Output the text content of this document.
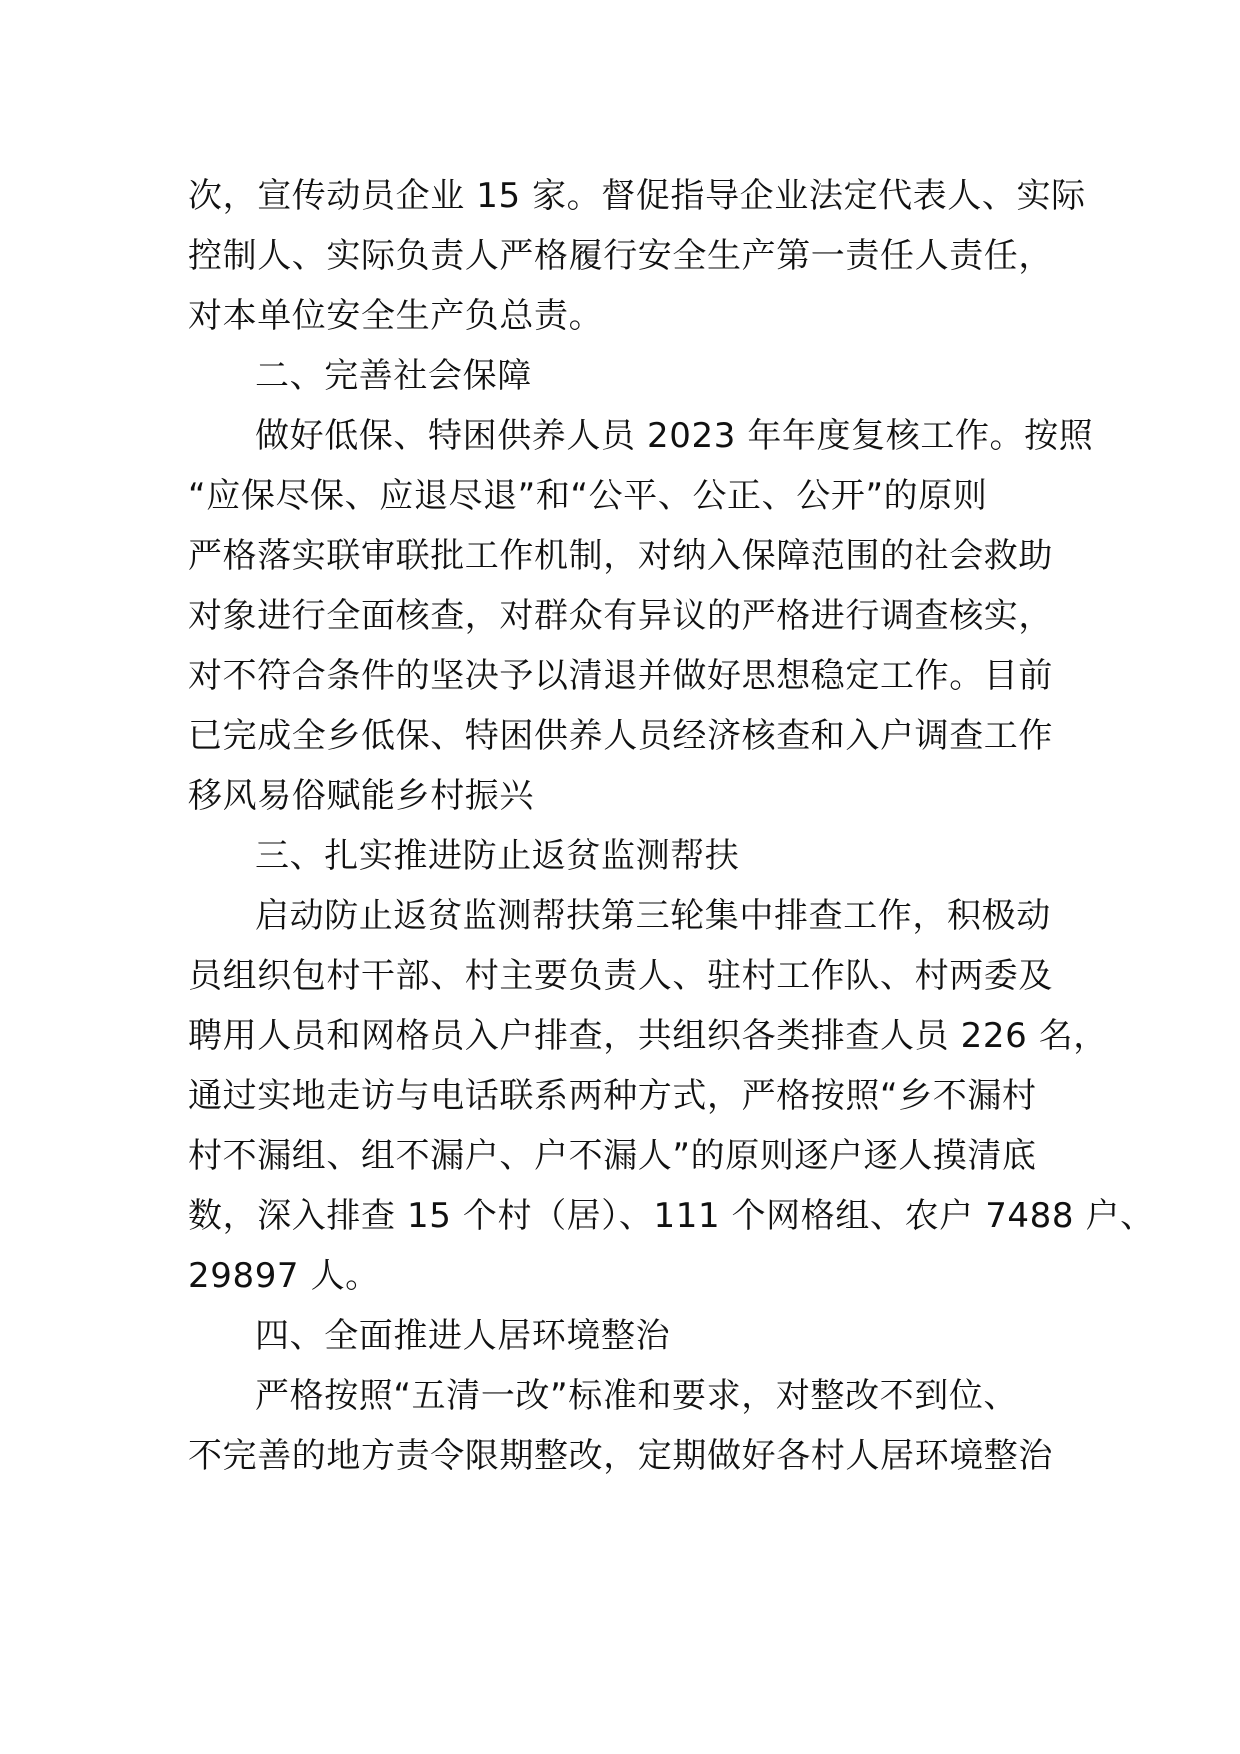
次，宣传动员企业 15 家。督促指导企业法定代表人、实际
控制人、实际负责人严格履行安全生产第一责任人责任，
对本单位安全生产负总责。
二、完善社会保障
做好低保、特困供养人员 2023 年年度复核工作。按照
“应保尽保、应退尽退”和“公平、公正、公开”的原则
严格落实联审联批工作机制，对纳入保障范围的社会救助
对象进行全面核查，对群众有异议的严格进行调查核实，
对不符合条件的坚决予以清退并做好思想稳定工作。目前
已完成全乡低保、特困供养人员经济核查和入户调查工作
移风易俗赋能乡村振兴
三、扎实推进防止返贫监测帮扶
启动防止返贫监测帮扶第三轮集中排查工作，积极动
员组织包村干部、村主要负责人、驻村工作队、村两委及
聘用人员和网格员入户排查，共组织各类排查人员 226 名，
通过实地走访与电话联系两种方式，严格按照“乡不漏村
村不漏组、组不漏户、户不漏人”的原则逐户逐人摸清底
数，深入排查 15 个村（居）、111 个网格组、农户 7488 户、
29897 人。
四、全面推进人居环境整治
严格按照“五清一改”标准和要求，对整改不到位、
不完善的地方责令限期整改，定期做好各村人居环境整治
